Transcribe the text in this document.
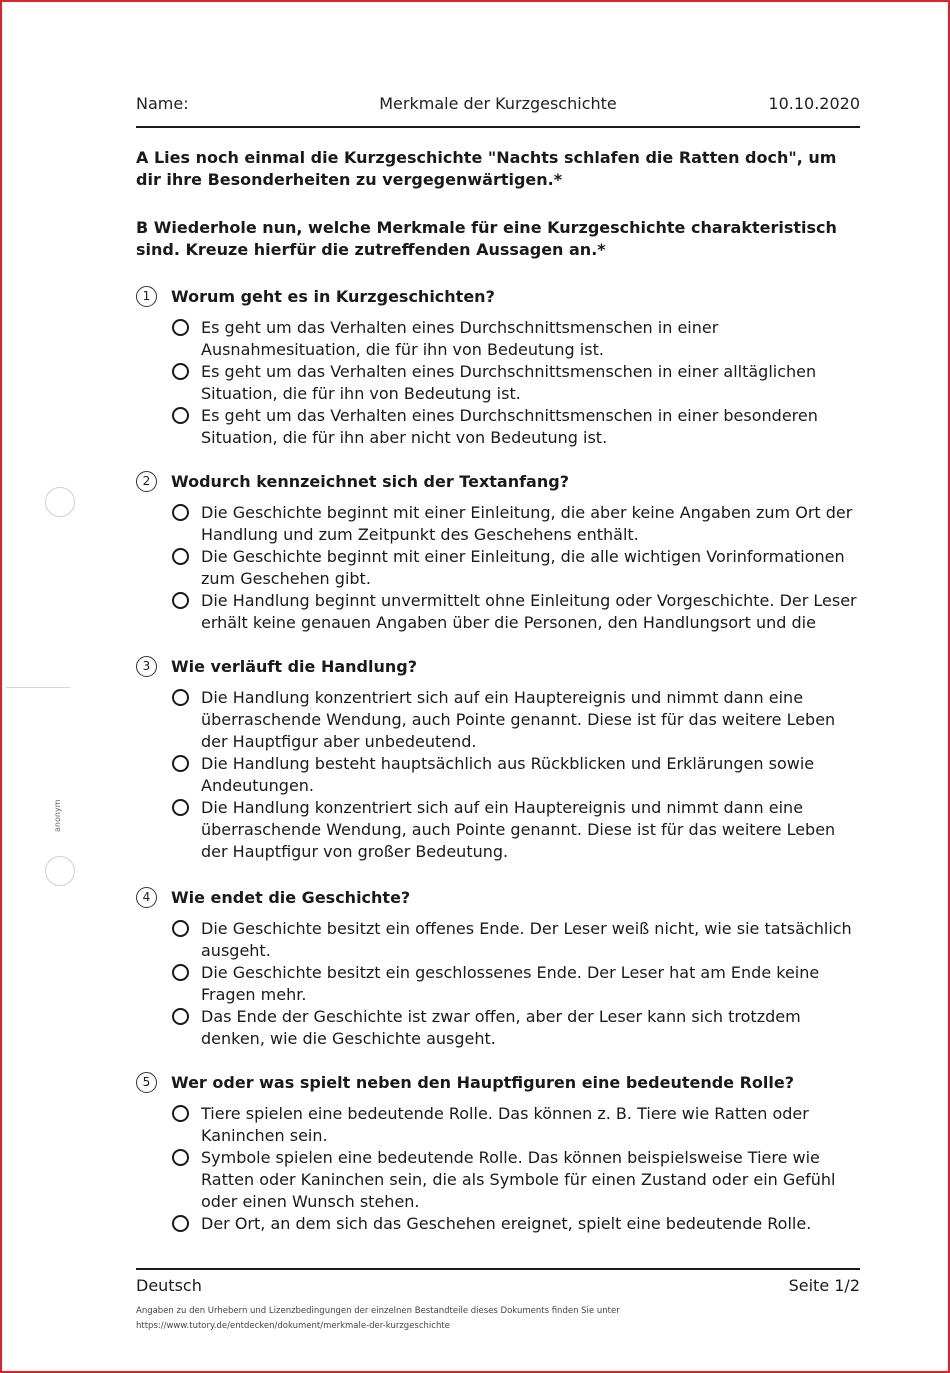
anonym
Name:	Merkmale der Kurzgeschichte	10.10.2020
A Lies noch einmal die Kurzgeschichte "Nachts schlafen die Ratten doch", um dir ihre Besonderheiten zu vergegenwärtigen.*
B Wiederhole nun, welche Merkmale für eine Kurzgeschichte charakteristisch sind. Kreuze hierfür die zutreffenden Aussagen an.*
1	Worum geht es in Kurzgeschichten?
Es geht um das Verhalten eines Durchschnittsmenschen in einer Ausnahmesituation, die für ihn von Bedeutung ist.
Es geht um das Verhalten eines Durchschnittsmenschen in einer alltäglichen Situation, die für ihn von Bedeutung ist.
Es geht um das Verhalten eines Durchschnittsmenschen in einer besonderen Situation, die für ihn aber nicht von Bedeutung ist.
2	Wodurch kennzeichnet sich der Textanfang?
Die Geschichte beginnt mit einer Einleitung, die aber keine Angaben zum Ort der Handlung und zum Zeitpunkt des Geschehens enthält.
Die Geschichte beginnt mit einer Einleitung, die alle wichtigen Vorinformationen zum Geschehen gibt.
Die Handlung beginnt unvermittelt ohne Einleitung oder Vorgeschichte. Der Leser erhält keine genauen Angaben über die Personen, den Handlungsort und die
3	Wie verläuft die Handlung?
Die Handlung konzentriert sich auf ein Hauptereignis und nimmt dann eine überraschende Wendung, auch Pointe genannt. Diese ist für das weitere Leben der Hauptfigur aber unbedeutend.
Die Handlung besteht hauptsächlich aus Rückblicken und Erklärungen sowie Andeutungen.
Die Handlung konzentriert sich auf ein Hauptereignis und nimmt dann eine überraschende Wendung, auch Pointe genannt. Diese ist für das weitere Leben der Hauptfigur von großer Bedeutung.
4	Wie endet die Geschichte?
Die Geschichte besitzt ein offenes Ende. Der Leser weiß nicht, wie sie tatsächlich ausgeht.
Die Geschichte besitzt ein geschlossenes Ende. Der Leser hat am Ende keine Fragen mehr.
Das Ende der Geschichte ist zwar offen, aber der Leser kann sich trotzdem denken, wie die Geschichte ausgeht.
5	Wer oder was spielt neben den Hauptfiguren eine bedeutende Rolle?
Tiere spielen eine bedeutende Rolle. Das können z. B. Tiere wie Ratten oder Kaninchen sein.
Symbole spielen eine bedeutende Rolle. Das können beispielsweise Tiere wie Ratten oder Kaninchen sein, die als Symbole für einen Zustand oder ein Gefühl oder einen Wunsch stehen.
Der Ort, an dem sich das Geschehen ereignet, spielt eine bedeutende Rolle.
Deutsch	Seite 1/2
Angaben zu den Urhebern und Lizenzbedingungen der einzelnen Bestandteile dieses Dokuments finden Sie unter
https://www.tutory.de/entdecken/dokument/merkmale-der-kurzgeschichte
